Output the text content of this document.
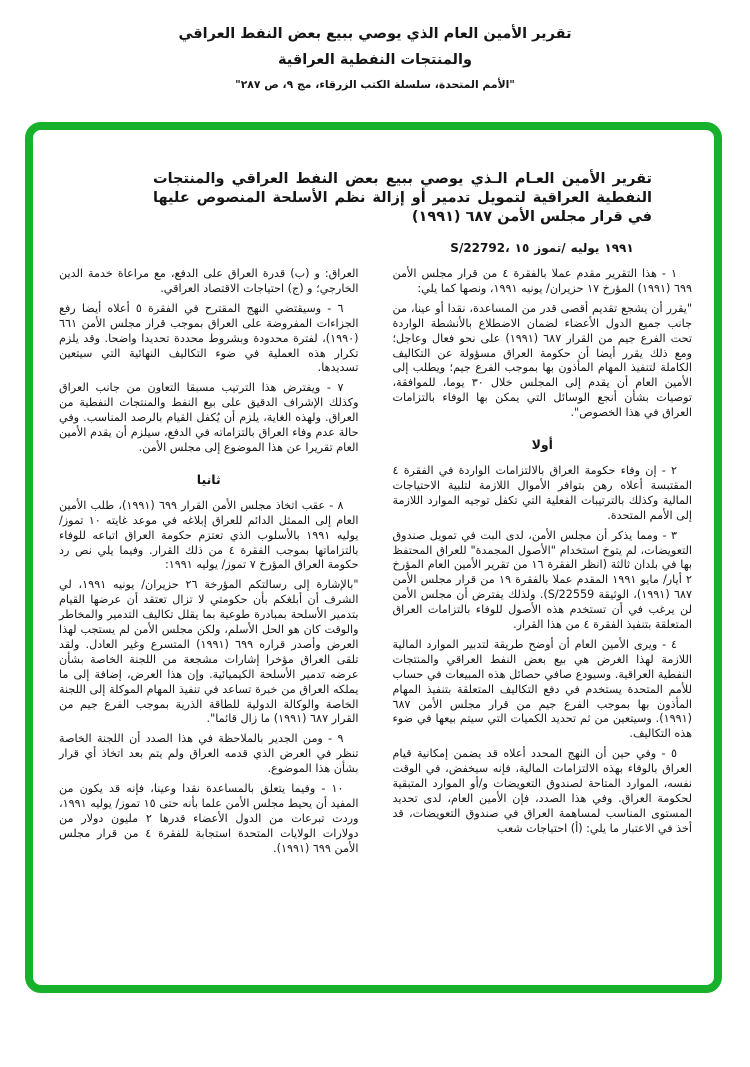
تقرير الأمين العام الذي يوصي ببيع بعض النفط العراقي
والمنتجات النفطية العراقية
"الأمم المتحدة، سلسلة الكتب الزرقاء، مج ٩، ص ٢٨٧"
تقرير الأمين العـام الـذي يوصي ببيع بعض النفط العراقي والمنتجات النفطية العراقية لتمويل تدمير أو إزالة نظم الأسلحة المنصوص عليها في قرار مجلس الأمن ٦٨٧ (١٩٩١)
S/22792، ١٥ تموز/ يوليه ١٩٩١

١ - هذا التقرير مقدم عملا بالفقرة ٤ من قرار مجلس الأمن ٦٩٩ (١٩٩١) المؤرخ ١٧ حزيران/ يونيه ١٩٩١، ونصها كما يلي:

"يقرر أن يشجع تقديم أقصى قدر من المساعدة، نقدا أو عينا، من جانب جميع الدول الأعضاء لضمان الاضطلاع بالأنشطة الواردة تحت الفرع جيم من القرار ٦٨٧ (١٩٩١) على نحو فعال وعاجل؛ ومع ذلك يقرر أيضا أن حكومة العراق مسؤولة عن التكاليف الكاملة لتنفيذ المهام المأذون بها بموجب الفرع جيم؛ ويطلب إلى الأمين العام أن يقدم إلى المجلس خلال ٣٠ يوما، للموافقة، توصيات بشأن أنجع الوسائل التي يمكن بها الوفاء بالتزامات العراق في هذا الخصوص".

أولا

٢ - إن وفاء حكومة العراق بالالتزامات الواردة في الفقرة ٤ المقتبسة أعلاه رهن بتوافر الأموال اللازمة لتلبية الاحتياجات المالية وكذلك بالترتيبات الفعلية التي تكفل توجيه الموارد اللازمة إلى الأمم المتحدة.

٣ - ومما يذكر أن مجلس الأمن، لدى البت في تمويل صندوق التعويضات، لم يتوخ استخدام "الأصول المجمدة" للعراق المحتفظ بها في بلدان ثالثة (انظر الفقرة ١٦ من تقرير الأمين العام المؤرخ ٢ أيار/ مايو ١٩٩١ المقدم عملا بالفقرة ١٩ من قرار مجلس الأمن ٦٨٧ (١٩٩١)، الوثيقة S/22559). ولذلك يفترض أن مجلس الأمن لن يرغب في أن تستخدم هذه الأصول للوفاء بالتزامات العراق المتعلقة بتنفيذ الفقرة ٤ من هذا القرار.

٤ - ويرى الأمين العام أن أوضح طريقة لتدبير الموارد المالية اللازمة لهذا الغرض هي بيع بعض النفط العراقي والمنتجات النفطية العراقية. وسيودع صافي حصائل هذه المبيعات في حساب للأمم المتحدة يستخدم في دفع التكاليف المتعلقة بتنفيذ المهام المأذون بها بموجب الفرع جيم من قرار مجلس الأمن ٦٨٧ (١٩٩١). وسيتعين من ثم تحديد الكميات التي سيتم بيعها في ضوء هذه التكاليف.

٥ - وفي حين أن النهج المحدد أعلاه قد يضمن إمكانية قيام العراق بالوفاء بهذه الالتزامات المالية، فإنه سيخفض، في الوقت نفسه، الموارد المتاحة لصندوق التعويضات و/أو الموارد المتبقية لحكومة العراق. وفي هذا الصدد، فإن الأمين العام، لدى تحديد المستوى المناسب لمساهمة العراق في صندوق التعويضات، قد أخذ في الاعتبار ما يلي: (أ) احتياجات شعب

العراق: و (ب) قدرة العراق على الدفع، مع مراعاة خدمة الدين الخارجي؛ و (ج) احتياجات الاقتصاد العراقي.

٦ - وسيقتضي النهج المقترح في الفقرة ٥ أعلاه أيضا رفع الجزاءات المفروضة على العراق بموجب قرار مجلس الأمن ٦٦١ (١٩٩٠)، لفترة محدودة وبشروط محددة تحديدا واضحا. وقد يلزم تكرار هذه العملية في ضوء التكاليف النهائية التي سيتعين تسديدها.

٧ - ويفترض هذا الترتيب مسبقا التعاون من جانب العراق وكذلك الإشراف الدقيق على بيع النفط والمنتجات النفطية من العراق. ولهذه الغاية، يلزم أن يُكفل القيام بالرصد المناسب. وفي حالة عدم وفاء العراق بالتزاماته في الدفع، سيلزم أن يقدم الأمين العام تقريرا عن هذا الموضوع إلى مجلس الأمن.

ثانيا

٨ - عقب اتخاذ مجلس الأمن القرار ٦٩٩ (١٩٩١)، طلب الأمين العام إلى الممثل الدائم للعراق إبلاغه في موعد غايته ١٠ تموز/ يوليه ١٩٩١ بالأسلوب الذي تعتزم حكومة العراق اتباعه للوفاء بالتزاماتها بموجب الفقرة ٤ من ذلك القرار. وفيما يلي نص رد حكومة العراق المؤرخ ٧ تموز/ يوليه ١٩٩١:

"بالإشارة إلى رسالتكم المؤرخة ٢٦ حزيران/ يونيه ١٩٩١، لي الشرف أن أبلغكم بأن حكومتي لا تزال تعتقد أن عرضها القيام بتدمير الأسلحة بمبادرة طوعية بما يقلل تكاليف التدمير والمخاطر والوقت كان هو الحل الأسلم، ولكن مجلس الأمن لم يستجب لهذا العرض وأصدر قراره ٦٩٩ (١٩٩١) المتسرع وغير العادل. ولقد تلقى العراق مؤخرا إشارات مشجعة من اللجنة الخاصة بشأن عرضه تدمير الأسلحة الكيميائية. وإن هذا العرض، إضافة إلى ما يملكه العراق من خبرة تساعد في تنفيذ المهام الموكلة إلى اللجنة الخاصة والوكالة الدولية للطاقة الذرية بموجب الفرع جيم من القرار ٦٨٧ (١٩٩١) ما زال قائما".

٩ - ومن الجدير بالملاحظة في هذا الصدد أن اللجنة الخاصة تنظر في العرض الذي قدمه العراق ولم يتم بعد اتخاذ أي قرار بشأن هذا الموضوع.

١٠ - وفيما يتعلق بالمساعدة نقدا وعينا، فإنه قد يكون من المفيد أن يحيط مجلس الأمن علما بأنه حتى ١٥ تموز/ يوليه ١٩٩١، وردت تبرعات من الدول الأعضاء قدرها ٢ مليون دولار من دولارات الولايات المتحدة استجابة للفقرة ٤ من قرار مجلس الأمن ٦٩٩ (١٩٩١).
